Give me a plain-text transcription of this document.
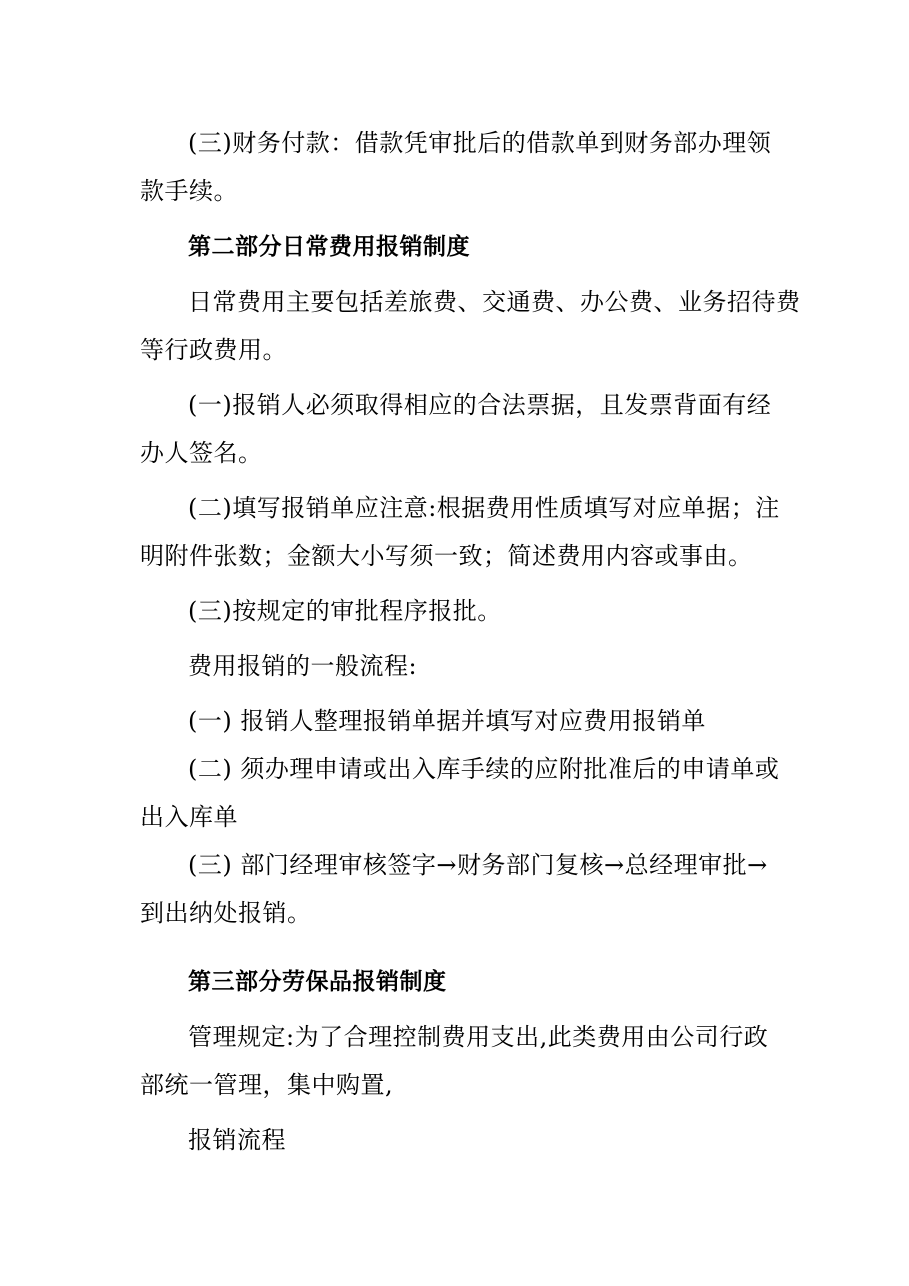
(三)财务付款：借款凭审批后的借款单到财务部办理领
款手续。
第二部分日常费用报销制度
日常费用主要包括差旅费、交通费、办公费、业务招待费
等行政费用。
(一)报销人必须取得相应的合法票据，且发票背面有经
办人签名。
(二)填写报销单应注意:根据费用性质填写对应单据；注
明附件张数；金额大小写须一致；简述费用内容或事由。
(三)按规定的审批程序报批。
费用报销的一般流程:
(一) 报销人整理报销单据并填写对应费用报销单
(二) 须办理申请或出入库手续的应附批准后的申请单或
出入库单
(三) 部门经理审核签字→财务部门复核→总经理审批→
到出纳处报销。
第三部分劳保品报销制度
管理规定:为了合理控制费用支出,此类费用由公司行政
部统一管理，集中购置,
报销流程
